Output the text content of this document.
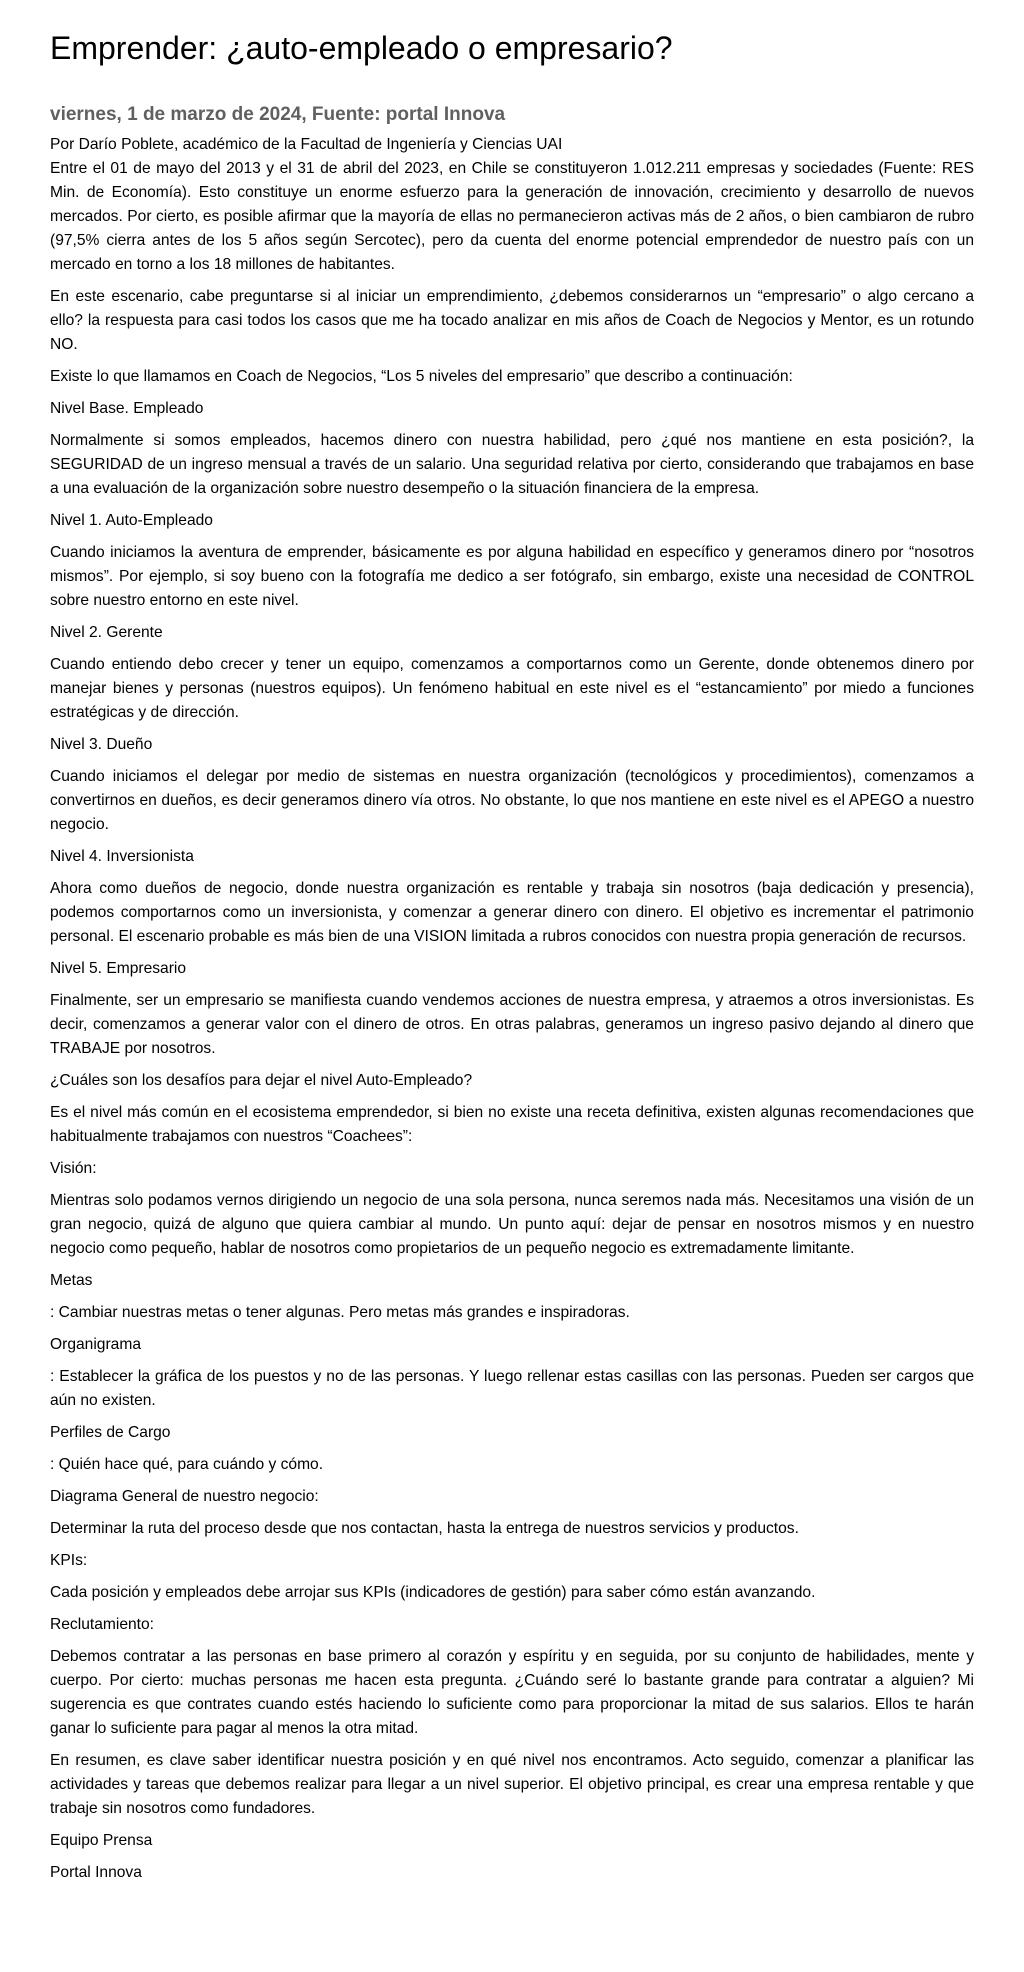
Emprender: ¿auto-empleado o empresario?
viernes, 1 de marzo de 2024, Fuente: portal Innova

Por Darío Poblete, académico de la Facultad de Ingeniería y Ciencias UAI

Entre el 01 de mayo del 2013 y el 31 de abril del 2023, en Chile se constituyeron 1.012.211 empresas y sociedades (Fuente: RES Min. de Economía). Esto constituye un enorme esfuerzo para la generación de innovación, crecimiento y desarrollo de nuevos mercados. Por cierto, es posible afirmar que la mayoría de ellas no permanecieron activas más de 2 años, o bien cambiaron de rubro (97,5% cierra antes de los 5 años según Sercotec), pero da cuenta del enorme potencial emprendedor de nuestro país con un mercado en torno a los 18 millones de habitantes.

En este escenario, cabe preguntarse si al iniciar un emprendimiento, ¿debemos considerarnos un “empresario” o algo cercano a ello? la respuesta para casi todos los casos que me ha tocado analizar en mis años de Coach de Negocios y Mentor, es un rotundo NO.

Existe lo que llamamos en Coach de Negocios, “Los 5 niveles del empresario” que describo a continuación:

Nivel Base. Empleado

Normalmente si somos empleados, hacemos dinero con nuestra habilidad, pero ¿qué nos mantiene en esta posición?, la SEGURIDAD de un ingreso mensual a través de un salario. Una seguridad relativa por cierto, considerando que trabajamos en base a una evaluación de la organización sobre nuestro desempeño o la situación financiera de la empresa.

Nivel 1. Auto-Empleado

Cuando iniciamos la aventura de emprender, básicamente es por alguna habilidad en específico y generamos dinero por “nosotros mismos”. Por ejemplo, si soy bueno con la fotografía me dedico a ser fotógrafo, sin embargo, existe una necesidad de CONTROL sobre nuestro entorno en este nivel.

Nivel 2. Gerente

Cuando entiendo debo crecer y tener un equipo, comenzamos a comportarnos como un Gerente, donde obtenemos dinero por manejar bienes y personas (nuestros equipos). Un fenómeno habitual en este nivel es el “estancamiento” por miedo a funciones estratégicas y de dirección.

Nivel 3. Dueño

Cuando iniciamos el delegar por medio de sistemas en nuestra organización (tecnológicos y procedimientos), comenzamos a convertirnos en dueños, es decir generamos dinero vía otros. No obstante, lo que nos mantiene en este nivel es el APEGO a nuestro negocio.

Nivel 4. Inversionista

Ahora como dueños de negocio, donde nuestra organización es rentable y trabaja sin nosotros (baja dedicación y presencia), podemos comportarnos como un inversionista, y comenzar a generar dinero con dinero. El objetivo es incrementar el patrimonio personal. El escenario probable es más bien de una VISION limitada a rubros conocidos con nuestra propia generación de recursos.

Nivel 5. Empresario

Finalmente, ser un empresario se manifiesta cuando vendemos acciones de nuestra empresa, y atraemos a otros inversionistas. Es decir, comenzamos a generar valor con el dinero de otros. En otras palabras, generamos un ingreso pasivo dejando al dinero que TRABAJE por nosotros.

¿Cuáles son los desafíos para dejar el nivel Auto-Empleado?

Es el nivel más común en el ecosistema emprendedor, si bien no existe una receta definitiva, existen algunas recomendaciones que habitualmente trabajamos con nuestros “Coachees”:

Visión:

Mientras solo podamos vernos dirigiendo un negocio de una sola persona, nunca seremos nada más. Necesitamos una visión de un gran negocio, quizá de alguno que quiera cambiar al mundo. Un punto aquí: dejar de pensar en nosotros mismos y en nuestro negocio como pequeño, hablar de nosotros como propietarios de un pequeño negocio es extremadamente limitante.

Metas

: Cambiar nuestras metas o tener algunas. Pero metas más grandes e inspiradoras.

Organigrama

: Establecer la gráfica de los puestos y no de las personas. Y luego rellenar estas casillas con las personas. Pueden ser cargos que aún no existen.

Perfiles de Cargo

: Quién hace qué, para cuándo y cómo.

Diagrama General de nuestro negocio:

Determinar la ruta del proceso desde que nos contactan, hasta la entrega de nuestros servicios y productos.

KPIs:

Cada posición y empleados debe arrojar sus KPIs (indicadores de gestión) para saber cómo están avanzando.

Reclutamiento:

Debemos contratar a las personas en base primero al corazón y espíritu y en seguida, por su conjunto de habilidades, mente y cuerpo. Por cierto: muchas personas me hacen esta pregunta. ¿Cuándo seré lo bastante grande para contratar a alguien? Mi sugerencia es que contrates cuando estés haciendo lo suficiente como para proporcionar la mitad de sus salarios. Ellos te harán ganar lo suficiente para pagar al menos la otra mitad.

En resumen, es clave saber identificar nuestra posición y en qué nivel nos encontramos. Acto seguido, comenzar a planificar las actividades y tareas que debemos realizar para llegar a un nivel superior. El objetivo principal, es crear una empresa rentable y que trabaje sin nosotros como fundadores.

Equipo Prensa

Portal Innova
